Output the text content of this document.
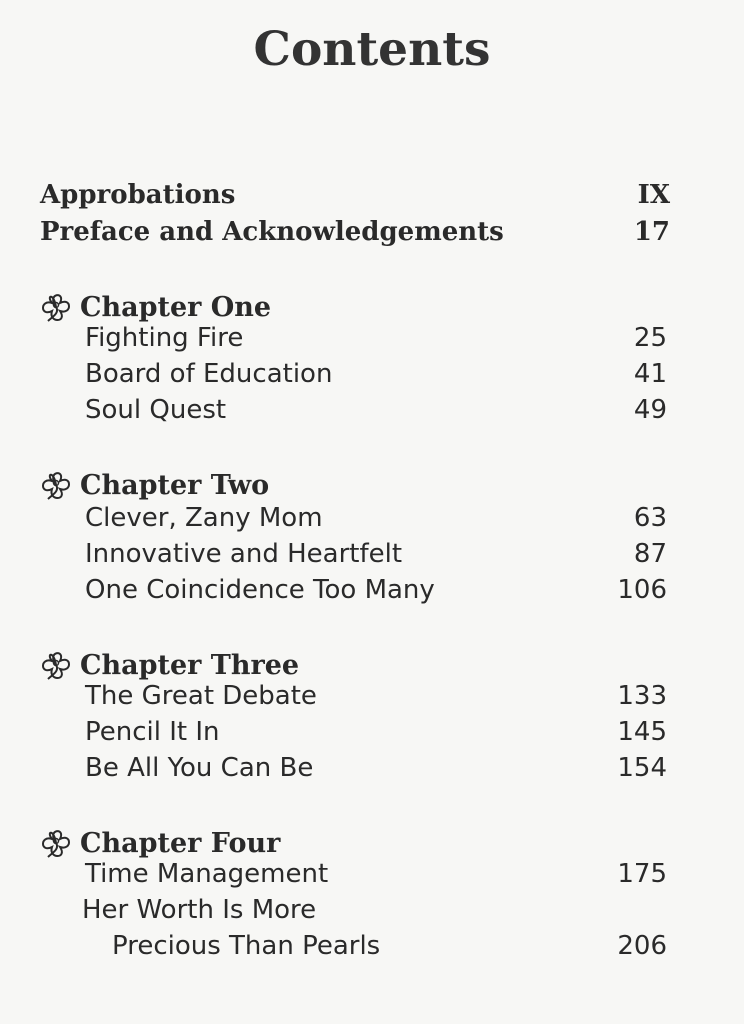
Contents
Approbations	IX
Preface and Acknowledgements	17
Chapter One
Fighting Fire	25
Board of Education	41
Soul Quest	49
Chapter Two
Clever, Zany Mom	63
Innovative and Heartfelt	87
One Coincidence Too Many	106
Chapter Three
The Great Debate	133
Pencil It In	145
Be All You Can Be	154
Chapter Four
Time Management	175
Her Worth Is More
Precious Than Pearls	206
